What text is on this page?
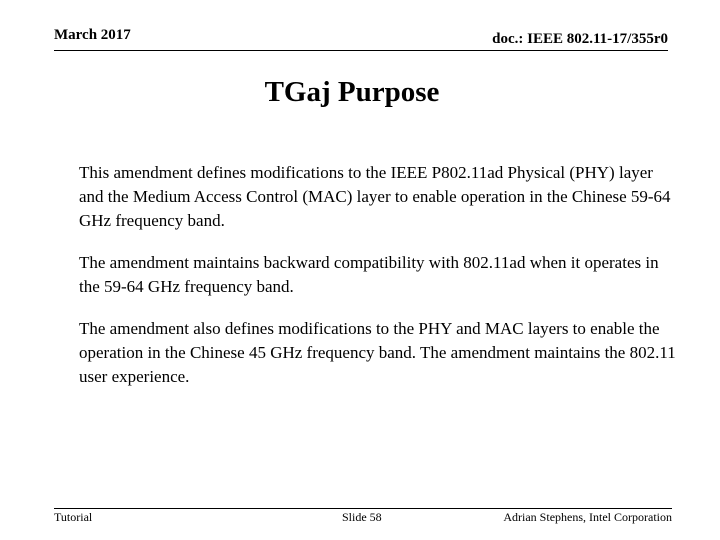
March 2017	doc.: IEEE 802.11-17/355r0
TGaj Purpose

This amendment defines modifications to the IEEE P802.11ad Physical (PHY) layer and the Medium Access Control (MAC) layer to enable operation in the Chinese 59-64 GHz frequency band.

The amendment maintains backward compatibility with 802.11ad when it operates in the 59-64 GHz frequency band.

The amendment also defines modifications to the PHY and MAC layers to enable the operation in the Chinese 45 GHz frequency band. The amendment maintains the 802.11 user experience.

Tutorial	Slide 58	Adrian Stephens, Intel Corporation
